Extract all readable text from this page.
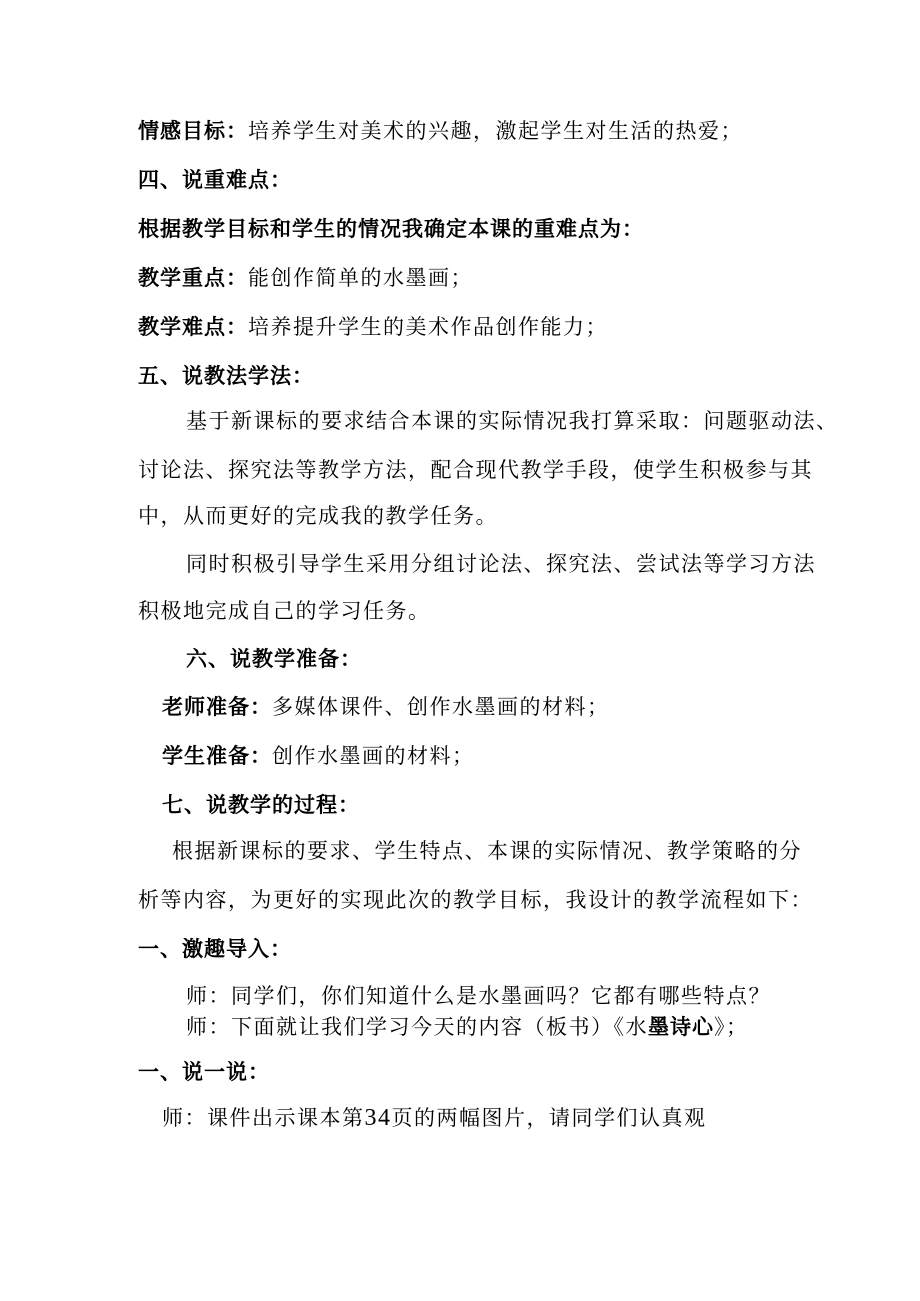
情感目标：培养学生对美术的兴趣，激起学生对生活的热爱；
四、说重难点：
根据教学目标和学生的情况我确定本课的重难点为：
教学重点：能创作简单的水墨画；
教学难点：培养提升学生的美术作品创作能力；
五、说教法学法：
基于新课标的要求结合本课的实际情况我打算采取：问题驱动法、
讨论法、探究法等教学方法，配合现代教学手段，使学生积极参与其
中，从而更好的完成我的教学任务。
同时积极引导学生采用分组讨论法、探究法、尝试法等学习方法
积极地完成自己的学习任务。
六、说教学准备：
老师准备：多媒体课件、创作水墨画的材料；
学生准备：创作水墨画的材料；
七、说教学的过程：
根据新课标的要求、学生特点、本课的实际情况、教学策略的分
析等内容，为更好的实现此次的教学目标，我设计的教学流程如下：
一、激趣导入：
师：同学们，你们知道什么是水墨画吗？它都有哪些特点？
师：下面就让我们学习今天的内容（板书）《水墨诗心》；
一、说一说：
师：课件出示课本第34页的两幅图片，请同学们认真观
